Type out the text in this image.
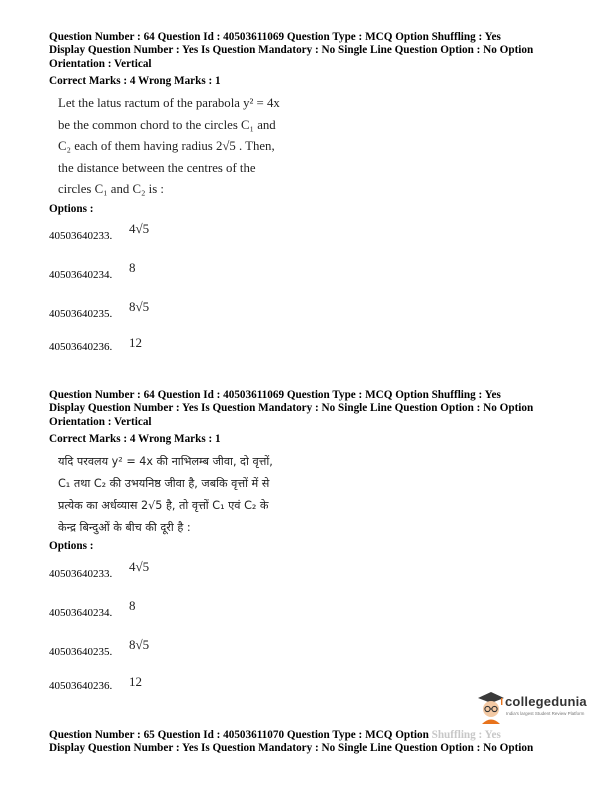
Question Number : 64 Question Id : 40503611069 Question Type : MCQ Option Shuffling : Yes

Display Question Number : Yes Is Question Mandatory : No Single Line Question Option : No Option

Orientation : Vertical

Correct Marks : 4 Wrong Marks : 1

Let the latus ractum of the parabola y² = 4x

be the common chord to the circles C₁ and

C₂ each of them having radius 2√5 . Then,

the distance between the centres of the

circles C₁ and C₂ is :

Options :
40503640233. 4√5
40503640234. 8
40503640235. 8√5
40503640236. 12

Question Number : 64 Question Id : 40503611069 Question Type : MCQ Option Shuffling : Yes

Display Question Number : Yes Is Question Mandatory : No Single Line Question Option : No Option

Orientation : Vertical

Correct Marks : 4 Wrong Marks : 1

यदि परवलय y² = 4x की नाभिलम्ब जीवा, दो वृत्तों,

C₁ तथा C₂ की उभयनिष्ठ जीवा है, जबकि वृत्तों में से

प्रत्येक का अर्धव्यास 2√5 है, तो वृत्तों C₁ एवं C₂ के

केन्द्र बिन्दुओं के बीच की दूरी है :

Options :
40503640233. 4√5
40503640234. 8
40503640235. 8√5
40503640236. 12
collegedunia
India's largest Student Review Platform

Question Number : 65 Question Id : 40503611070 Question Type : MCQ Option Shuffling : Yes

Display Question Number : Yes Is Question Mandatory : No Single Line Question Option : No Option
